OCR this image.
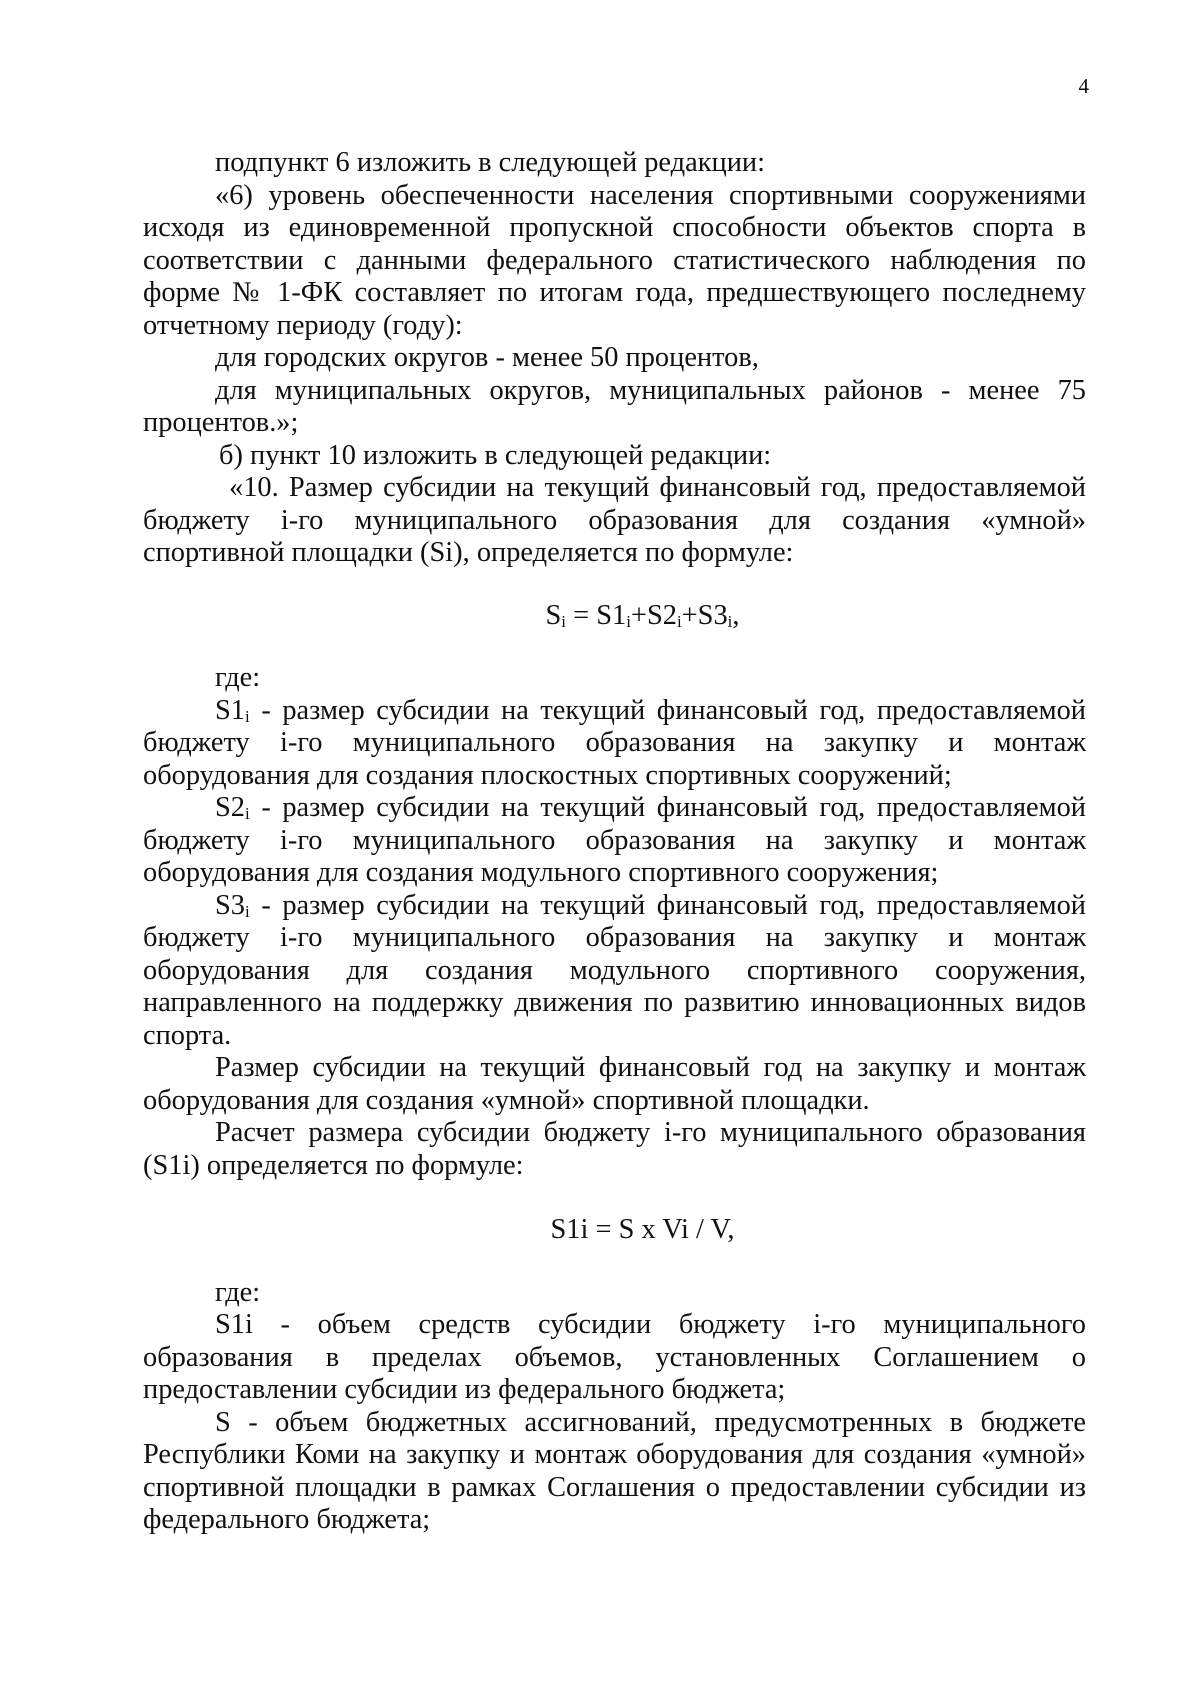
4

подпункт 6 изложить в следующей редакции:

«6) уровень обеспеченности населения спортивными сооружениями исходя из единовременной пропускной способности объектов спорта в соответствии с данными федерального статистического наблюдения по форме № 1-ФК составляет по итогам года, предшествующего последнему отчетному периоду (году):

для городских округов - менее 50 процентов,

для муниципальных округов, муниципальных районов - менее 75 процентов.»;

б) пункт 10 изложить в следующей редакции:

«10. Размер субсидии на текущий финансовый год, предоставляемой бюджету i-го муниципального образования для создания «умной» спортивной площадки (Si), определяется по формуле:

$S_i = S1_i+S2_i+S3_i$,

где:

$S1_i$ - размер субсидии на текущий финансовый год, предоставляемой бюджету i-го муниципального образования на закупку и монтаж оборудования для создания плоскостных спортивных сооружений;

$S2_i$ - размер субсидии на текущий финансовый год, предоставляемой бюджету i-го муниципального образования на закупку и монтаж оборудования для создания модульного спортивного сооружения;

$S3_i$ - размер субсидии на текущий финансовый год, предоставляемой бюджету i-го муниципального образования на закупку и монтаж оборудования для создания модульного спортивного сооружения, направленного на поддержку движения по развитию инновационных видов спорта.

Размер субсидии на текущий финансовый год на закупку и монтаж оборудования для создания «умной» спортивной площадки.

Расчет размера субсидии бюджету i-го муниципального образования (S1i) определяется по формуле:

S1i = S x Vi / V,

где:

S1i - объем средств субсидии бюджету i-го муниципального образования в пределах объемов, установленных Соглашением о предоставлении субсидии из федерального бюджета;

S - объем бюджетных ассигнований, предусмотренных в бюджете Республики Коми на закупку и монтаж оборудования для создания «умной» спортивной площадки в рамках Соглашения о предоставлении субсидии из федерального бюджета;
